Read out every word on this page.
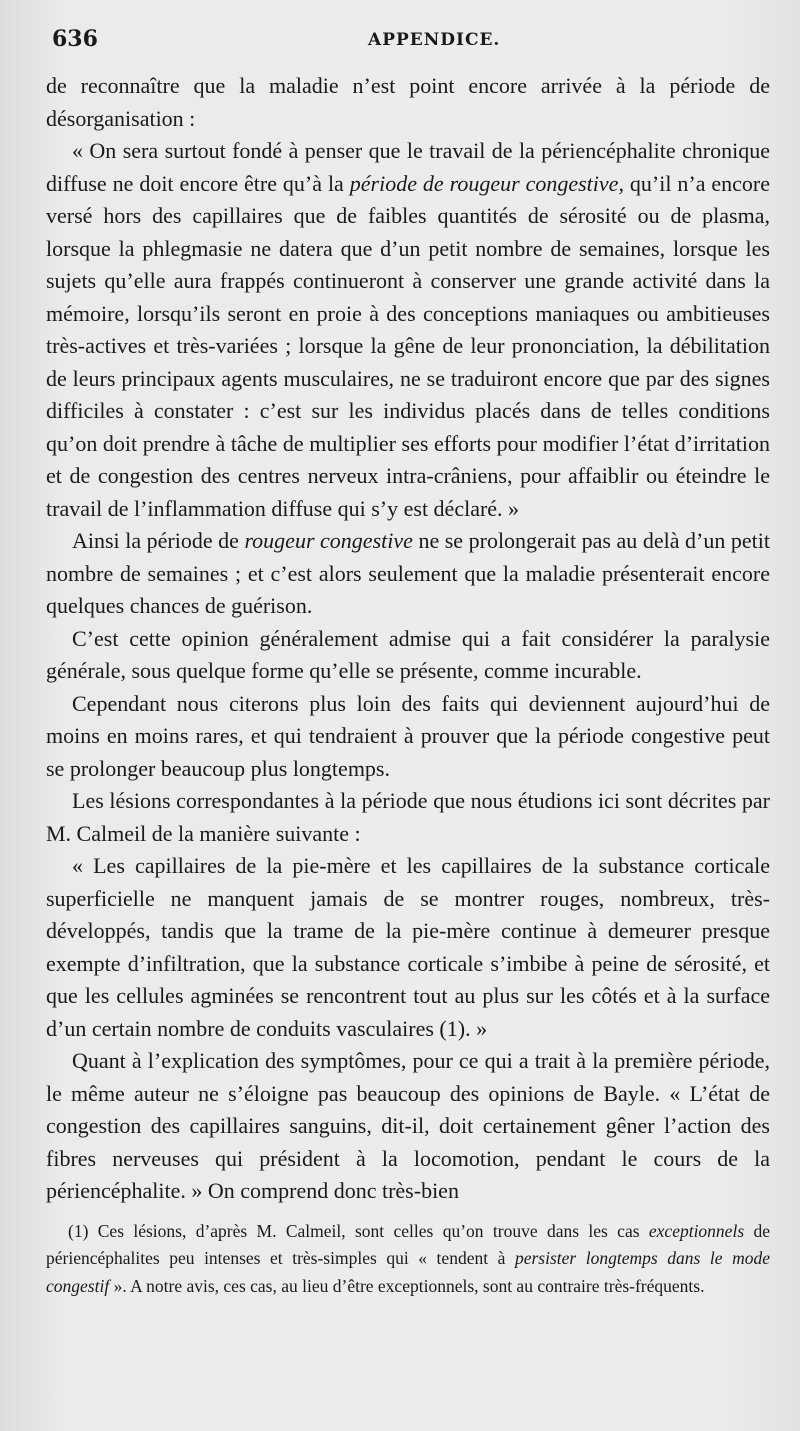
636	APPENDICE.

de reconnaître que la maladie n’est point encore arrivée à la période de désorganisation :

« On sera surtout fondé à penser que le travail de la périencéphalite chronique diffuse ne doit encore être qu’à la période de rougeur congestive, qu’il n’a encore versé hors des capillaires que de faibles quantités de sérosité ou de plasma, lorsque la phlegmasie ne datera que d’un petit nombre de semaines, lorsque les sujets qu’elle aura frappés continueront à conserver une grande activité dans la mémoire, lorsqu’ils seront en proie à des conceptions maniaques ou ambitieuses très-actives et très-variées ; lorsque la gêne de leur prononciation, la débilitation de leurs principaux agents musculaires, ne se traduiront encore que par des signes difficiles à constater : c’est sur les individus placés dans de telles conditions qu’on doit prendre à tâche de multiplier ses efforts pour modifier l’état d’irritation et de congestion des centres nerveux intra-crâniens, pour affaiblir ou éteindre le travail de l’inflammation diffuse qui s’y est déclaré. »

Ainsi la période de rougeur congestive ne se prolongerait pas au delà d’un petit nombre de semaines ; et c’est alors seulement que la maladie présenterait encore quelques chances de guérison.

C’est cette opinion généralement admise qui a fait considérer la paralysie générale, sous quelque forme qu’elle se présente, comme incurable.

Cependant nous citerons plus loin des faits qui deviennent aujourd’hui de moins en moins rares, et qui tendraient à prouver que la période congestive peut se prolonger beaucoup plus longtemps.

Les lésions correspondantes à la période que nous étudions ici sont décrites par M. Calmeil de la manière suivante :

« Les capillaires de la pie-mère et les capillaires de la substance corticale superficielle ne manquent jamais de se montrer rouges, nombreux, très-développés, tandis que la trame de la pie-mère continue à demeurer presque exempte d’infiltration, que la substance corticale s’imbibe à peine de sérosité, et que les cellules agminées se rencontrent tout au plus sur les côtés et à la surface d’un certain nombre de conduits vasculaires (1). »

Quant à l’explication des symptômes, pour ce qui a trait à la première période, le même auteur ne s’éloigne pas beaucoup des opinions de Bayle. « L’état de congestion des capillaires sanguins, dit-il, doit certainement gêner l’action des fibres nerveuses qui président à la locomotion, pendant le cours de la périencéphalite. » On comprend donc très-bien

(1) Ces lésions, d’après M. Calmeil, sont celles qu’on trouve dans les cas exceptionnels de périencéphalites peu intenses et très-simples qui « tendent à persister longtemps dans le mode congestif ». A notre avis, ces cas, au lieu d’être exceptionnels, sont au contraire très-fréquents.
